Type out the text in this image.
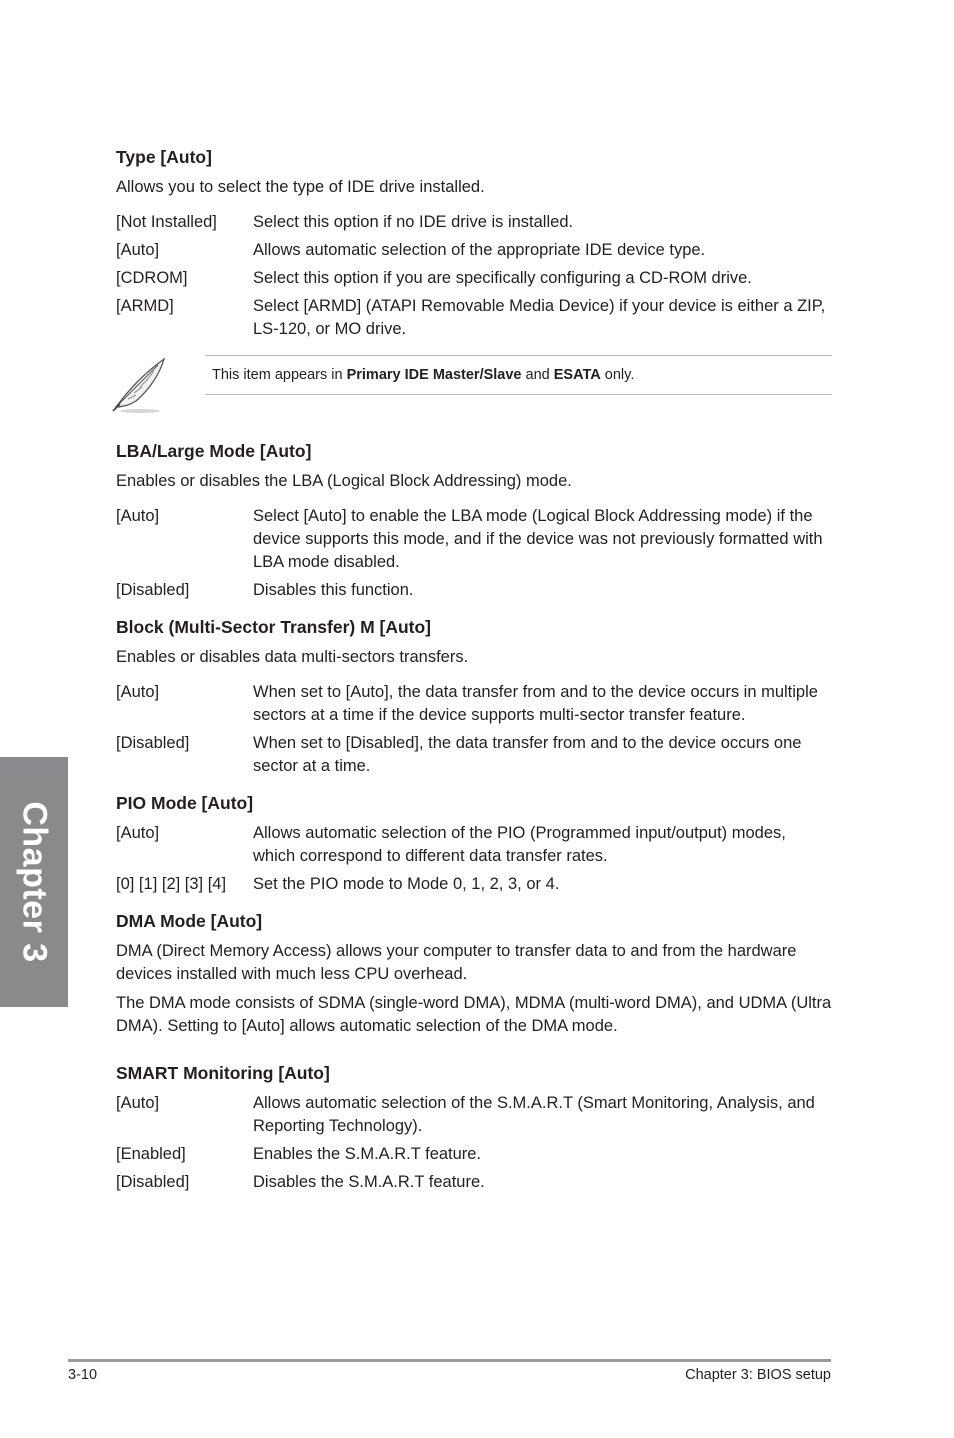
Type [Auto]

Allows you to select the type of IDE drive installed.

[Not Installed]	Select this option if no IDE drive is installed.
[Auto]	Allows automatic selection of the appropriate IDE device type.
[CDROM]	Select this option if you are specifically configuring a CD-ROM drive.
[ARMD]	Select [ARMD] (ATAPI Removable Media Device) if your device is either a ZIP, LS-120, or MO drive.
This item appears in
Primary IDE Master/Slave
and
ESATA
only.
LBA/Large Mode [Auto]

Enables or disables the LBA (Logical Block Addressing) mode.

[Auto]	Select [Auto] to enable the LBA mode (Logical Block Addressing mode) if the device supports this mode, and if the device was not previously formatted with LBA mode disabled.
[Disabled]	Disables this function.
Block (Multi-Sector Transfer) M [Auto]

Enables or disables data multi-sectors transfers.

[Auto]	When set to [Auto], the data transfer from and to the device occurs in multiple sectors at a time if the device supports multi-sector transfer feature.
[Disabled]	When set to [Disabled], the data transfer from and to the device occurs one sector at a time.
PIO Mode [Auto]
[Auto]	Allows automatic selection of the PIO (Programmed input/output) modes, which correspond to different data transfer rates.
[0] [1] [2] [3] [4]	Set the PIO mode to Mode 0, 1, 2, 3, or 4.
DMA Mode [Auto]

DMA (Direct Memory Access) allows your computer to transfer data to and from the hardware devices installed with much less CPU overhead.

The DMA mode consists of SDMA (single-word DMA), MDMA (multi-word DMA), and UDMA (Ultra DMA). Setting to [Auto] allows automatic selection of the DMA mode.

SMART Monitoring [Auto]
[Auto]	Allows automatic selection of the S.M.A.R.T (Smart Monitoring, Analysis, and Reporting Technology).
[Enabled]	Enables the S.M.A.R.T feature.
[Disabled]	Disables the S.M.A.R.T feature.
Chapter 3
3-10	Chapter 3: BIOS setup
